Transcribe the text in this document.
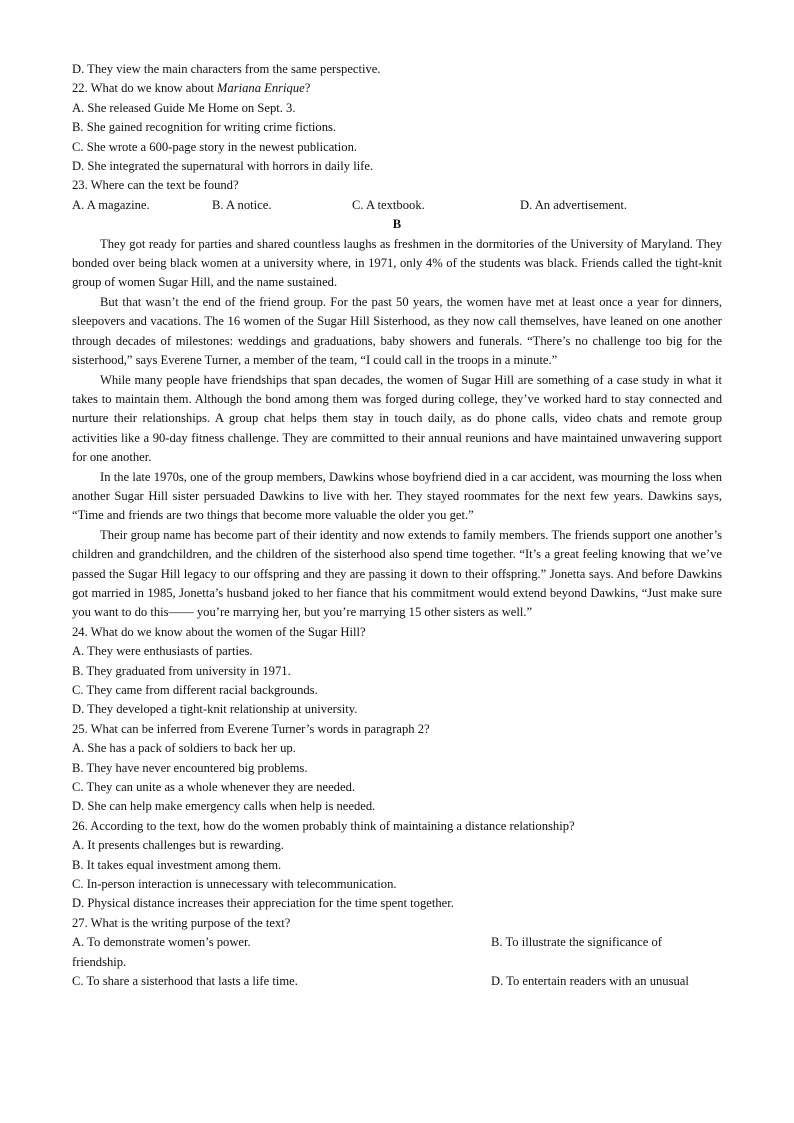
D. They view the main characters from the same perspective.
22. What do we know about Mariana Enrique?
A. She released Guide Me Home on Sept. 3.
B. She gained recognition for writing crime fictions.
C. She wrote a 600-page story in the newest publication.
D. She integrated the supernatural with horrors in daily life.
23. Where can the text be found?
A. A magazine.	B. A notice.	C. A textbook.	D. An advertisement.
B
They got ready for parties and shared countless laughs as freshmen in the dormitories of the University of Maryland. They bonded over being black women at a university where, in 1971, only 4% of the students was black. Friends called the tight-knit group of women Sugar Hill, and the name sustained.
But that wasn’t the end of the friend group. For the past 50 years, the women have met at least once a year for dinners, sleepovers and vacations. The 16 women of the Sugar Hill Sisterhood, as they now call themselves, have leaned on one another through decades of milestones: weddings and graduations, baby showers and funerals. “There’s no challenge too big for the sisterhood,” says Everene Turner, a member of the team, “I could call in the troops in a minute.”
While many people have friendships that span decades, the women of Sugar Hill are something of a case study in what it takes to maintain them. Although the bond among them was forged during college, they’ve worked hard to stay connected and nurture their relationships. A group chat helps them stay in touch daily, as do phone calls, video chats and remote group activities like a 90-day fitness challenge. They are committed to their annual reunions and have maintained unwavering support for one another.
In the late 1970s, one of the group members, Dawkins whose boyfriend died in a car accident, was mourning the loss when another Sugar Hill sister persuaded Dawkins to live with her. They stayed roommates for the next few years. Dawkins says, “Time and friends are two things that become more valuable the older you get.”
Their group name has become part of their identity and now extends to family members. The friends support one another’s children and grandchildren, and the children of the sisterhood also spend time together. “It’s a great feeling knowing that we’ve passed the Sugar Hill legacy to our offspring and they are passing it down to their offspring.” Jonetta says. And before Dawkins got married in 1985, Jonetta’s husband joked to her fiance that his commitment would extend beyond Dawkins, “Just make sure you want to do this—— you’re marrying her, but you’re marrying 15 other sisters as well.”
24. What do we know about the women of the Sugar Hill?
A. They were enthusiasts of parties.
B. They graduated from university in 1971.
C. They came from different racial backgrounds.
D. They developed a tight-knit relationship at university.
25. What can be inferred from Everene Turner’s words in paragraph 2?
A. She has a pack of soldiers to back her up.
B. They have never encountered big problems.
C. They can unite as a whole whenever they are needed.
D. She can help make emergency calls when help is needed.
26. According to the text, how do the women probably think of maintaining a distance relationship?
A. It presents challenges but is rewarding.
B. It takes equal investment among them.
C. In-person interaction is unnecessary with telecommunication.
D. Physical distance increases their appreciation for the time spent together.
27. What is the writing purpose of the text?
A. To demonstrate women’s power.	B. To illustrate the significance of
friendship.
C. To share a sisterhood that lasts a life time.	D. To entertain readers with an unusual
